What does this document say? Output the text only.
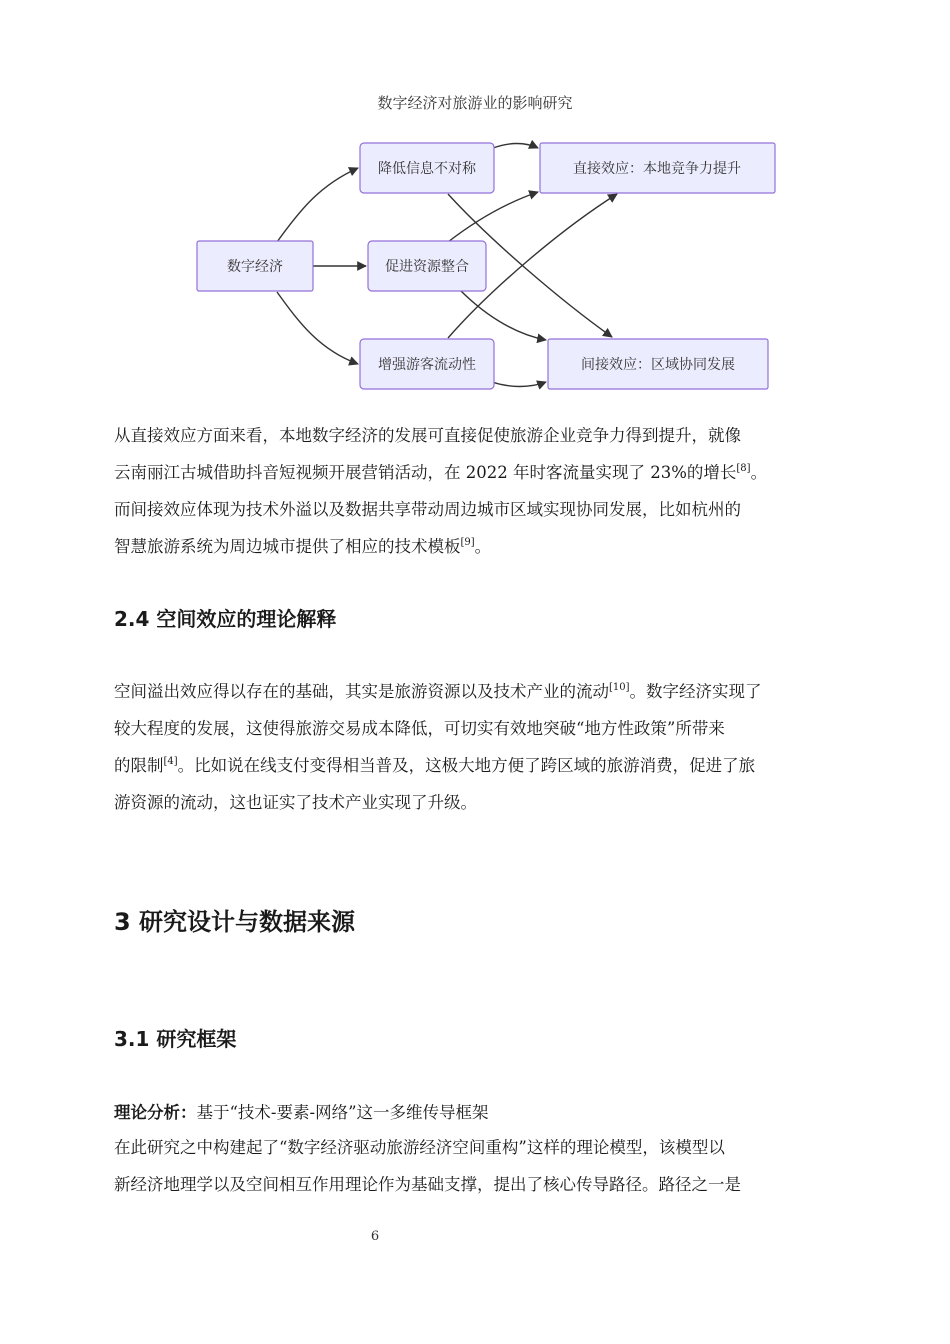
数字经济对旅游业的影响研究
数字经济
降低信息不对称
促进资源整合
增强游客流动性
直接效应：本地竞争力提升
间接效应：区域协同发展
从直接效应方面来看，本地数字经济的发展可直接促使旅游企业竞争力得到提升，就像
云南丽江古城借助抖音短视频开展营销活动，在 2022 年时客流量实现了 23%的增长[8]。
而间接效应体现为技术外溢以及数据共享带动周边城市区域实现协同发展，比如杭州的
智慧旅游系统为周边城市提供了相应的技术模板[9]。
2.4 空间效应的理论解释
空间溢出效应得以存在的基础，其实是旅游资源以及技术产业的流动[10]。数字经济实现了
较大程度的发展，这使得旅游交易成本降低，可切实有效地突破“地方性政策”所带来
的限制[4]。比如说在线支付变得相当普及，这极大地方便了跨区域的旅游消费，促进了旅
游资源的流动，这也证实了技术产业实现了升级。
3 研究设计与数据来源
3.1 研究框架
理论分析：基于“技术-要素-网络”这一多维传导框架
在此研究之中构建起了“数字经济驱动旅游经济空间重构”这样的理论模型，该模型以
新经济地理学以及空间相互作用理论作为基础支撑，提出了核心传导路径。路径之一是
6
